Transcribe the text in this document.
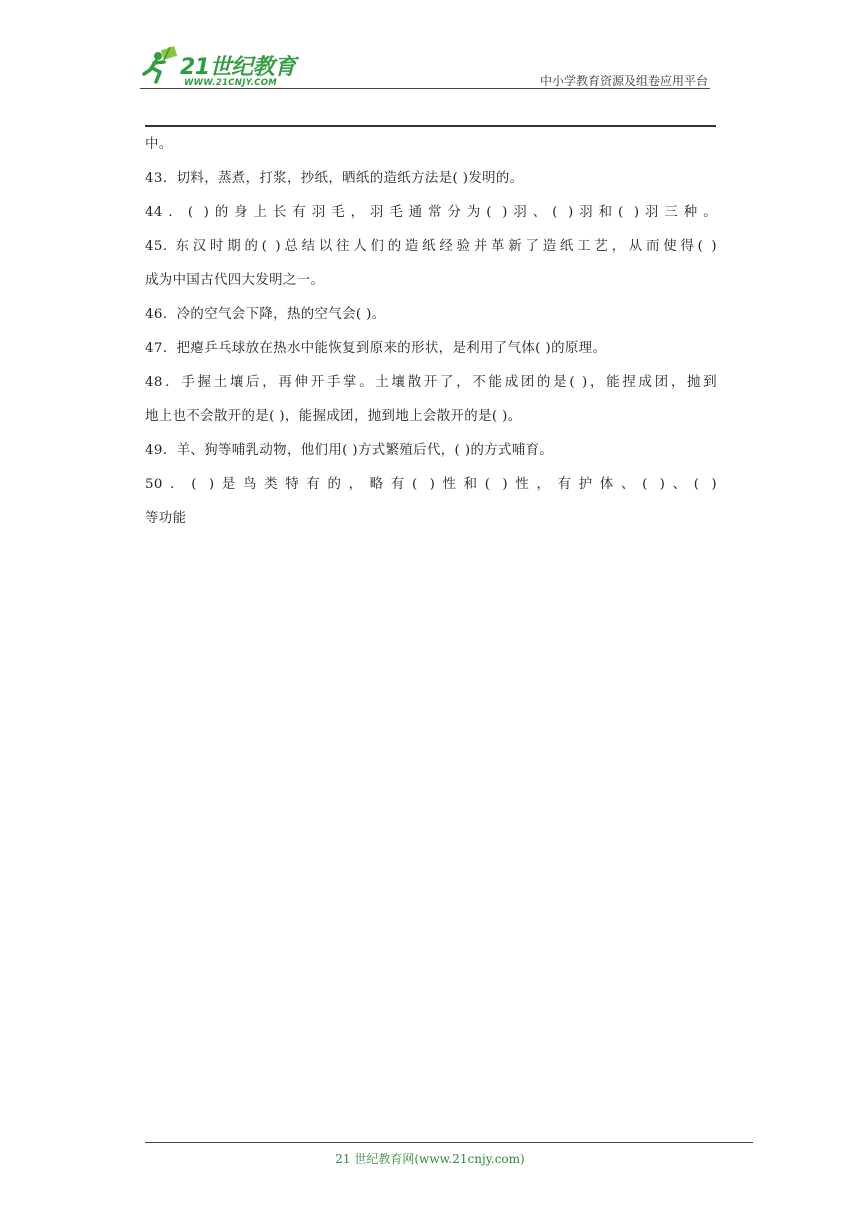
21世纪教育
WWW.21CNJY.COM	中小学教育资源及组卷应用平台
中。
43．切料，蒸煮，打浆，抄纸，晒纸的造纸方法是( )发明的。
44．( )的身上长有羽毛，羽毛通常分为( )羽、( )羽和( )羽三种。
45. 东汉时期的( )总结以往人们的造纸经验并革新了造纸工艺，从而使得( )
成为中国古代四大发明之一。
46．冷的空气会下降，热的空气会( )。
47．把瘪乒乓球放在热水中能恢复到原来的形状，是利用了气体( )的原理。
48．手握土壤后，再伸开手掌。土壤散开了，不能成团的是( )，能捏成团，抛到
地上也不会散开的是( )，能握成团，抛到地上会散开的是( )。
49．羊、狗等哺乳动物，他们用( )方式繁殖后代，( )的方式哺育。
50．( )是鸟类特有的，略有( )性和( )性，有护体、( )、( )
等功能
21 世纪教育网(www.21cnjy.com)
